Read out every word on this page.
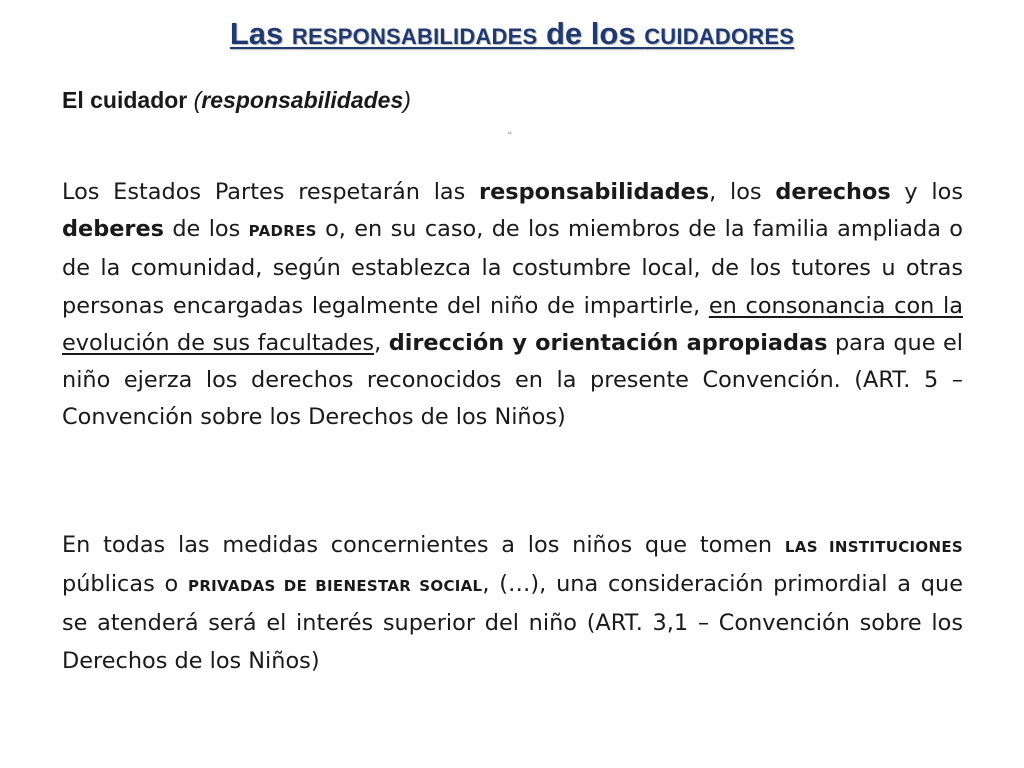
Las RESPONSABILIDADES de los CUIDADORES
El cuidador (responsabilidades)
“

Los Estados Partes respetarán las responsabilidades, los derechos y los deberes de los PADRES o, en su caso, de los miembros de la familia ampliada o de la comunidad, según establezca la costumbre local, de los tutores u otras personas encargadas legalmente del niño de impartirle, en consonancia con la evolución de sus facultades, dirección y orientación apropiadas para que el niño ejerza los derechos reconocidos en la presente Convención. (ART. 5 – Convención sobre los Derechos de los Niños)

En todas las medidas concernientes a los niños que tomen LAS INSTITUCIONES públicas o PRIVADAS DE BIENESTAR SOCIAL, (…), una consideración primordial a que se atenderá será el interés superior del niño (ART. 3,1 – Convención sobre los Derechos de los Niños)
